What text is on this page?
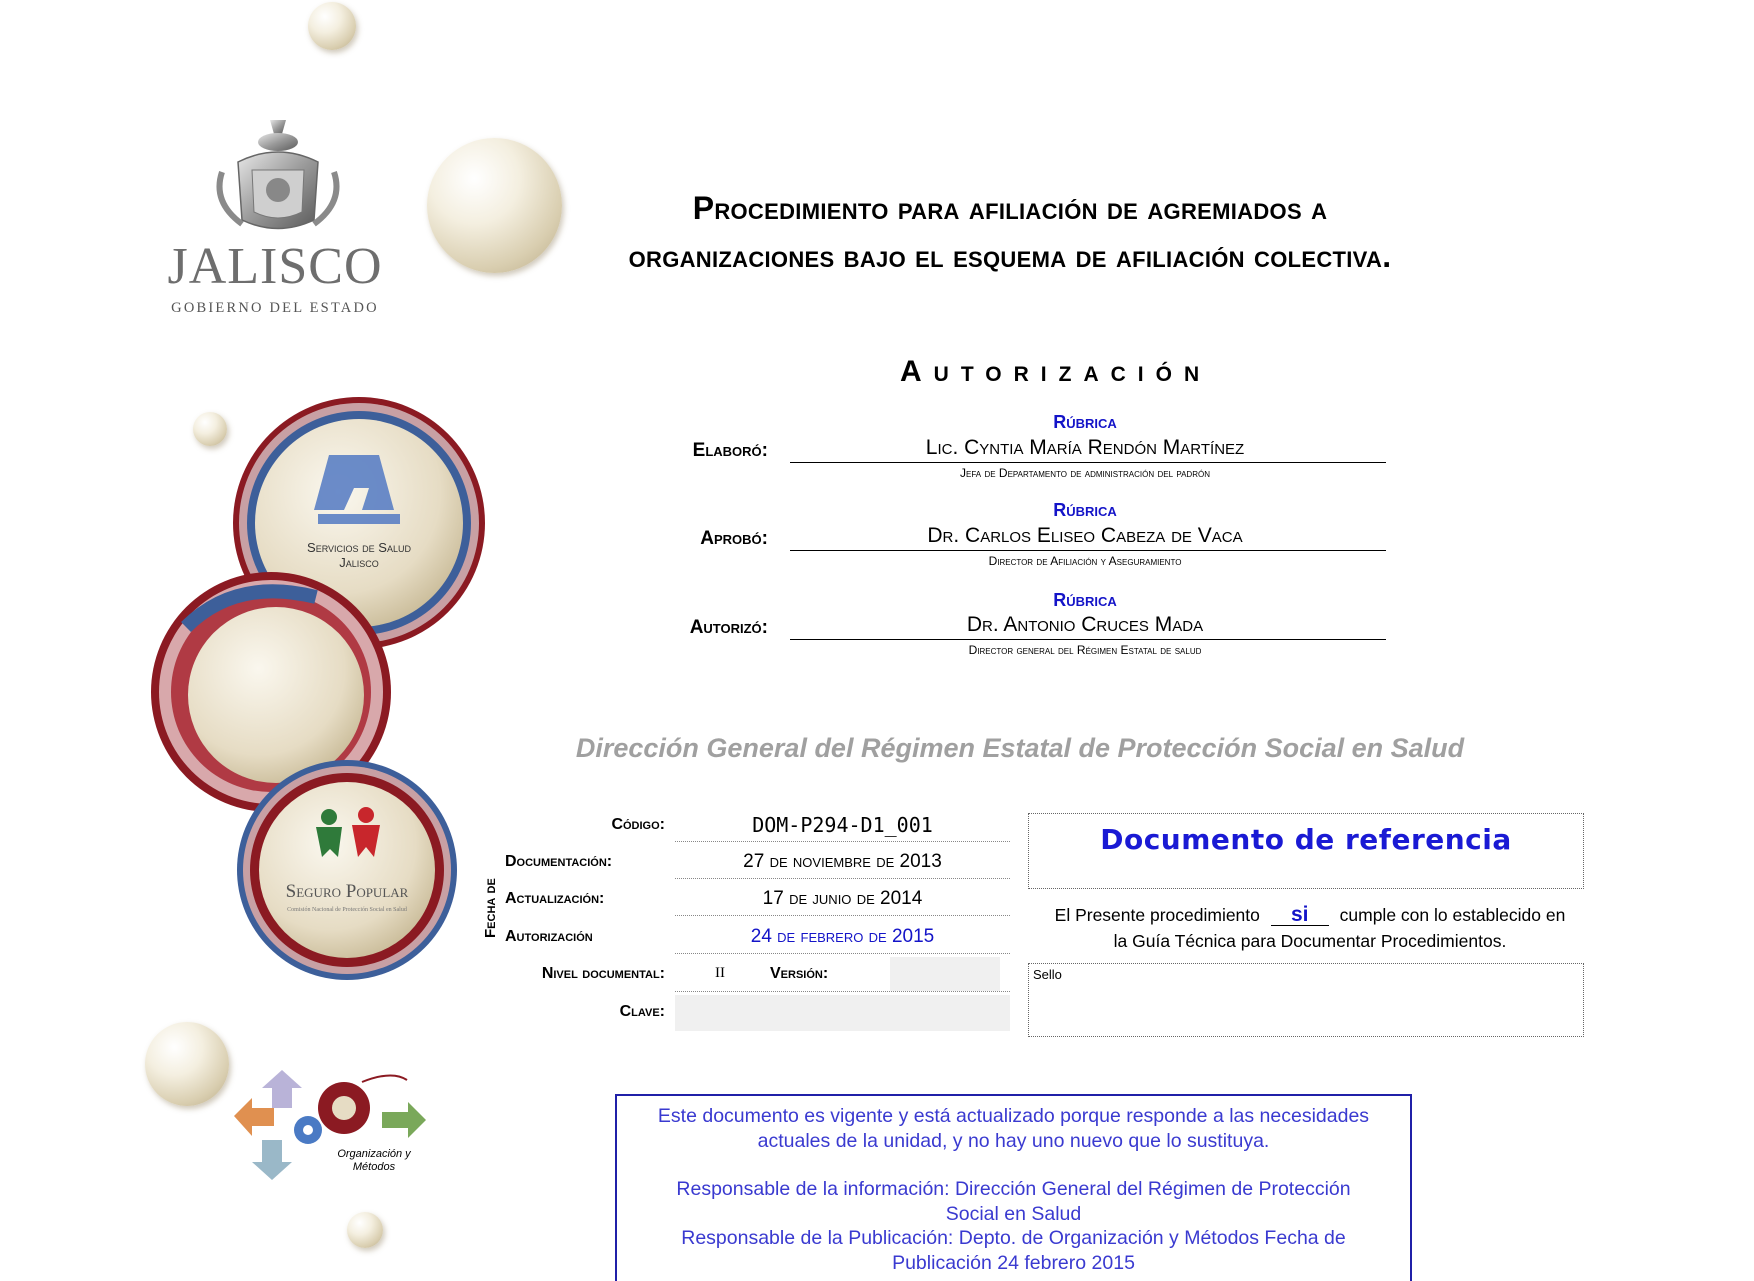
JALISCO
GOBIERNO DEL ESTADO
Servicios de Salud
Jalisco
Seguro Popular
Comisión Nacional de Protección Social en Salud
Organización y
Métodos
Procedimiento para afiliación de agremiados a
organizaciones bajo el esquema de afiliación colectiva.
Autorización
Rúbrica
Elaboró:	Lic. Cyntia María Rendón Martínez
Jefa de Departamento de administración del padrón
Rúbrica
Aprobó:	Dr. Carlos Eliseo Cabeza de Vaca
Director de Afiliación y Aseguramiento
Rúbrica
Autorizó:	Dr. Antonio Cruces Mada
Director general del Régimen Estatal de salud
Dirección General del Régimen Estatal de Protección Social en Salud
Código:	DOM-P294-D1_001
Fecha de
Documentación:	27 de noviembre de 2013
Actualización:	17 de junio de 2014
Autorización	24 de febrero de 2015
Nivel documental:	II	Versión:
Clave:
Documento de referencia
El Presente procedimiento si cumple con lo establecido en
la Guía Técnica para Documentar Procedimientos.
Sello
Este documento es vigente y está actualizado porque responde a las necesidades
actuales de la unidad, y no hay uno nuevo que lo sustituya.
Responsable de la información: Dirección General del Régimen de Protección
Social en Salud
Responsable de la Publicación: Depto. de Organización y Métodos Fecha de
Publicación 24 febrero 2015
